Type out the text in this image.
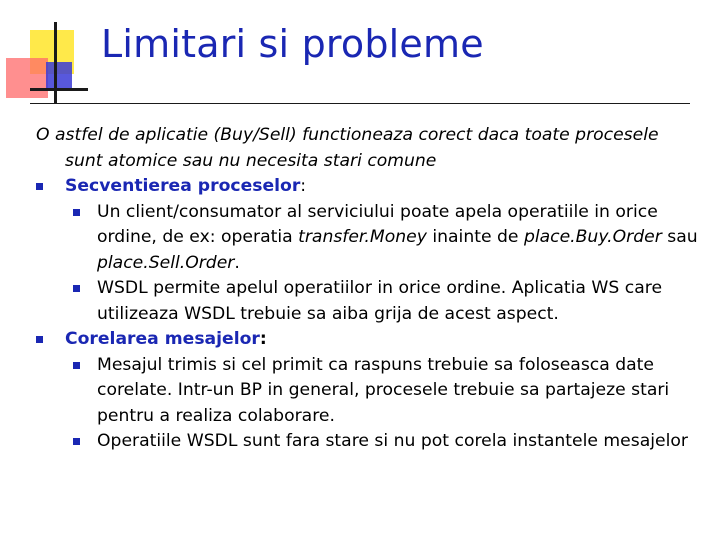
Limitari si probleme
O astfel de aplicatie (Buy/Sell) functioneaza corect daca toate procesele
sunt atomice sau nu necesita stari comune
Secventierea proceselor:
Un client/consumator al serviciului poate apela operatiile in orice ordine, de ex: operatia transfer.Money inainte de place.Buy.Order sau place.Sell.Order.
WSDL permite apelul operatiilor in orice ordine. Aplicatia WS care utilizeaza WSDL trebuie sa aiba grija de acest aspect.
Corelarea mesajelor:
Mesajul trimis si cel primit ca raspuns trebuie sa foloseasca date corelate. Intr-un BP in general, procesele trebuie sa partajeze stari pentru a realiza colaborare.
Operatiile WSDL sunt fara stare si nu pot corela instantele mesajelor
